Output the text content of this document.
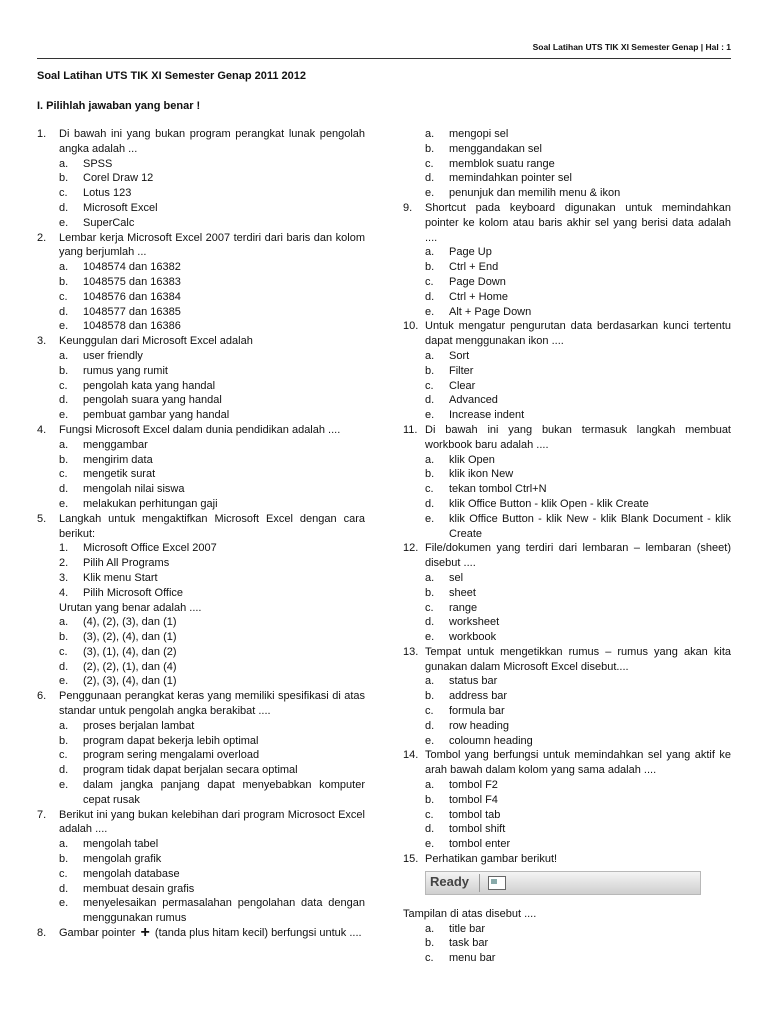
Soal Latihan UTS TIK XI Semester Genap | Hal : 1
Soal Latihan UTS TIK XI Semester Genap 2011 2012
I. Pilihlah jawaban yang benar !
1.	Di bawah ini yang bukan program perangkat lunak pengolah angka adalah ...
a.	SPSS
b.	Corel Draw 12
c.	Lotus 123
d.	Microsoft Excel
e.	SuperCalc
2.	Lembar kerja Microsoft Excel 2007 terdiri dari baris dan kolom yang berjumlah ...
a.	1048574 dan 16382
b.	1048575 dan 16383
c.	1048576 dan 16384
d.	1048577 dan 16385
e.	1048578 dan 16386
3.	Keunggulan dari Microsoft Excel adalah
a.	user friendly
b.	rumus yang rumit
c.	pengolah kata yang handal
d.	pengolah suara yang handal
e.	pembuat gambar yang handal
4.	Fungsi Microsoft Excel dalam dunia pendidikan adalah ....
a.	menggambar
b.	mengirim data
c.	mengetik surat
d.	mengolah nilai siswa
e.	melakukan perhitungan gaji
5.	Langkah untuk mengaktifkan Microsoft Excel dengan cara berikut:
1.	Microsoft Office Excel 2007
2.	Pilih All Programs
3.	Klik menu Start
4.	Pilih Microsoft Office
Urutan yang benar adalah ....
a.	(4), (2), (3), dan (1)
b.	(3), (2), (4), dan (1)
c.	(3), (1), (4), dan (2)
d.	(2), (2), (1), dan (4)
e.	(2), (3), (4), dan (1)
6.	Penggunaan perangkat keras yang memiliki spesifikasi di atas standar untuk pengolah angka berakibat ....
a.	proses berjalan lambat
b.	program dapat bekerja lebih optimal
c.	program sering mengalami overload
d.	program tidak dapat berjalan secara optimal
e.	dalam jangka panjang dapat menyebabkan komputer cepat rusak
7.	Berikut ini yang bukan kelebihan dari program Microsoct Excel adalah ....
a.	mengolah tabel
b.	mengolah grafik
c.	mengolah database
d.	membuat desain grafis
e.	menyelesaikan permasalahan pengolahan data dengan menggunakan rumus
8.	Gambar pointer + (tanda plus hitam kecil) berfungsi untuk ....
a.	mengopi sel
b.	menggandakan sel
c.	memblok suatu range
d.	memindahkan pointer sel
e.	penunjuk dan memilih menu & ikon
9.	Shortcut pada keyboard digunakan untuk memindahkan pointer ke kolom atau baris akhir sel yang berisi data adalah ....
a.	Page Up
b.	Ctrl + End
c.	Page Down
d.	Ctrl + Home
e.	Alt + Page Down
10. Untuk mengatur pengurutan data berdasarkan kunci tertentu dapat menggunakan ikon ....
a.	Sort
b.	Filter
c.	Clear
d.	Advanced
e.	Increase indent
11. Di bawah ini yang bukan termasuk langkah membuat workbook baru adalah ....
a.	klik Open
b.	klik ikon New
c.	tekan tombol Ctrl+N
d.	klik Office Button - klik Open - klik Create
e.	klik Office Button - klik New - klik Blank Document - klik Create
12. File/dokumen yang terdiri dari lembaran – lembaran (sheet) disebut ....
a.	sel
b.	sheet
c.	range
d.	worksheet
e.	workbook
13. Tempat untuk mengetikkan rumus – rumus yang akan kita gunakan dalam Microsoft Excel disebut....
a.	status bar
b.	address bar
c.	formula bar
d.	row heading
e.	coloumn heading
14. Tombol yang berfungsi untuk memindahkan sel yang aktif ke arah bawah dalam kolom yang sama adalah ....
a.	tombol F2
b.	tombol F4
c.	tombol tab
d.	tombol shift
e.	tombol enter
15. Perhatikan gambar berikut!
Ready
Tampilan di atas disebut ....
a.	title bar
b.	task bar
c.	menu bar
